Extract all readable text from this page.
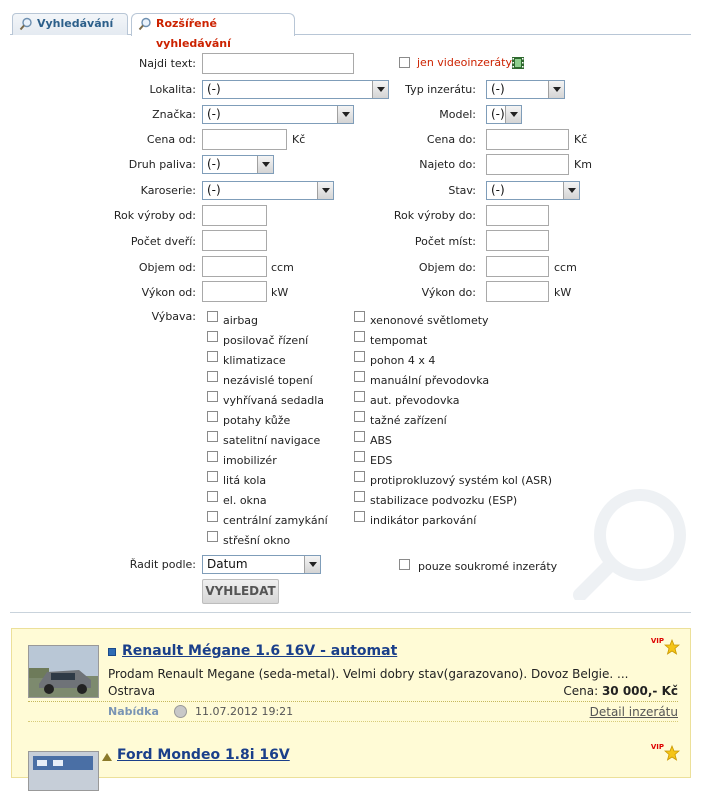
Vyhledávání	Rozšířené vyhledávání
Najdi text:	jen videoinzeráty
Lokalita: (-)	Typ inzerátu:	(-)
Značka: (-)	Model:	(-)
Cena od:	Kč	Cena do:	Kč
Druh paliva: (-)	Najeto do:	Km
Karoserie: (-)	Stav:	(-)
Rok výroby od:	Rok výroby do:
Počet dveří:	Počet míst:
Objem od:	ccm	Objem do:	ccm
Výkon od:	kW	Výkon do:	kW
Výbava: airbag
posilovač řízení
klimatizace
nezávislé topení
vyhřívaná sedadla
potahy kůže
satelitní navigace
imobilizér
litá kola
el. okna
centrální zamykání
střešní okno
xenonové světlomety
tempomat
pohon 4 x 4
manuální převodovka
aut. převodovka
tažné zařízení
ABS
EDS
protiprokluzový systém kol (ASR)
stabilizace podvozku (ESP)
indikátor parkování
Řadit podle: Datum	pouze soukromé inzeráty
VYHLEDAT
Renault Mégane 1.6 16V - automat
VIP
Prodam Renault Megane (seda-metal). Velmi dobry stav(garazovano). Dovoz Belgie. ...
Ostrava	Cena: 30 000,- Kč
Nabídka	11.07.2012 19:21	Detail inzerátu
Ford Mondeo 1.8i 16V	VIP
